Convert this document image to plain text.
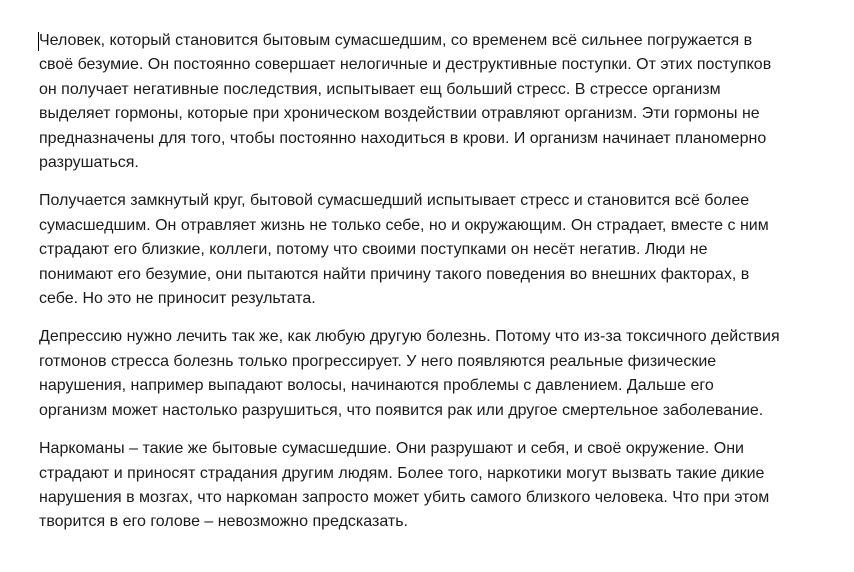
Человек, который становится бытовым сумасшедшим, со временем всё сильнее погружается в
своё безумие. Он постоянно совершает нелогичные и деструктивные поступки. От этих поступков
он получает негативные последствия, испытывает ещ больший стресс. В стрессе организм
выделяет гормоны, которые при хроническом воздействии отравляют организм. Эти гормоны не
предназначены для того, чтобы постоянно находиться в крови. И организм начинает планомерно
разрушаться.

Получается замкнутый круг, бытовой сумасшедший испытывает стресс и становится всё более
сумасшедшим. Он отравляет жизнь не только себе, но и окружающим. Он страдает, вместе с ним
страдают его близкие, коллеги, потому что своими поступками он несёт негатив. Люди не
понимают его безумие, они пытаются найти причину такого поведения во внешних факторах, в
себе. Но это не приносит результата.

Депрессию нужно лечить так же, как любую другую болезнь. Потому что из-за токсичного действия
готмонов стресса болезнь только прогрессирует. У него появляются реальные физические
нарушения, например выпадают волосы, начинаются проблемы с давлением. Дальше его
организм может настолько разрушиться, что появится рак или другое смертельное заболевание.

Наркоманы – такие же бытовые сумасшедшие. Они разрушают и себя, и своё окружение. Они
страдают и приносят страдания другим людям. Более того, наркотики могут вызвать такие дикие
нарушения в мозгах, что наркоман запросто может убить самого близкого человека. Что при этом
творится в его голове – невозможно предсказать.
